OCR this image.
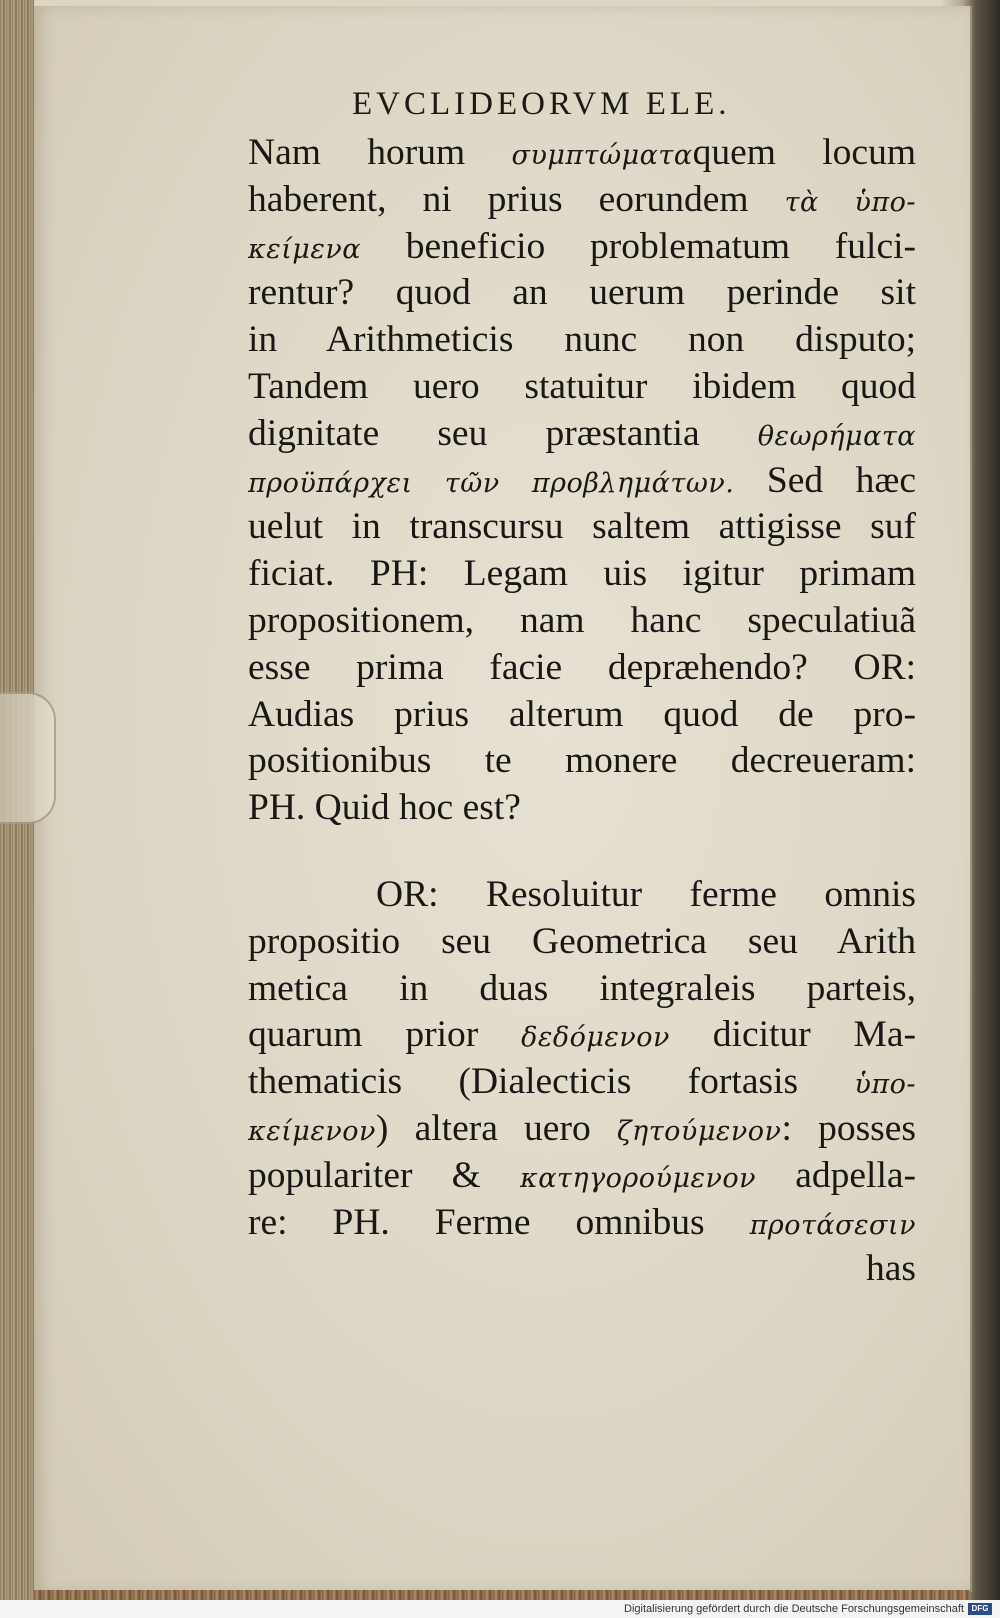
EVCLIDEORVM ELE.
Nam horum συμπτώματαquem locum
haberent, ni prius eorundem τὰ ὑπο-
κείμενα beneficio problematum fulci-
rentur? quod an uerum perinde sit
in Arithmeticis nunc non disputo;
Tandem uero statuitur ibidem quod
dignitate seu præstantia θεωρήματα
προϋπάρχει τῶν προβλημάτων. Sed hæc
uelut in transcursu saltem attigisse suf
ficiat. PH: Legam uis igitur primam
propositionem, nam hanc speculatiuã
esse prima facie depræhendo? OR:
Audias prius alterum quod de pro-
positionibus te monere decreueram:
PH. Quid hoc est?
OR: Resoluitur ferme omnis
propositio seu Geometrica seu Arith
metica in duas integraleis parteis,
quarum prior δεδόμενον dicitur Ma-
thematicis (Dialecticis fortasis ὑπο-
κείμενον) altera uero ζητούμενον: posses
populariter & κατηγορούμενον adpella-
re: PH. Ferme omnibus προτάσεσιν
has
Digitalisierung gefördert durch die Deutsche Forschungsgemeinschaft DFG
